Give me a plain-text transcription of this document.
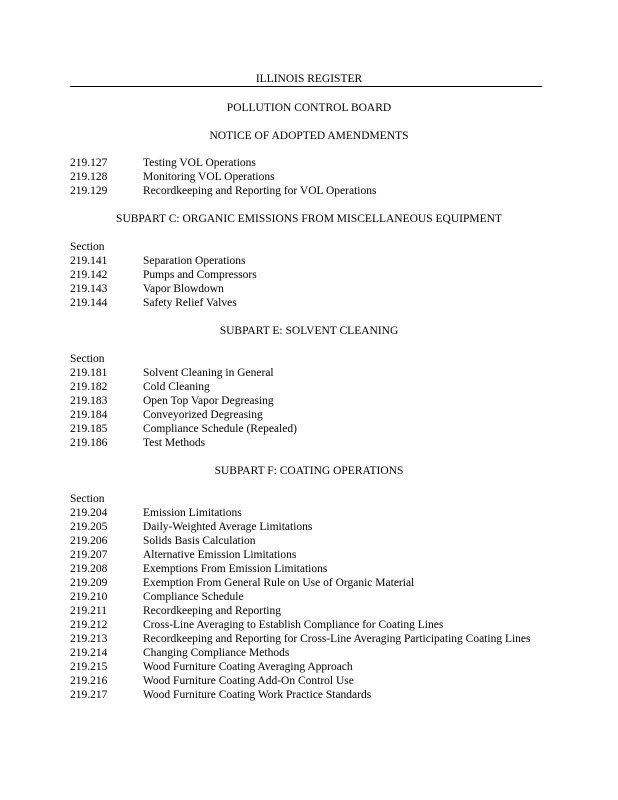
ILLINOIS REGISTER
POLLUTION CONTROL BOARD
NOTICE OF ADOPTED AMENDMENTS
219.127	Testing VOL Operations
219.128	Monitoring VOL Operations
219.129	Recordkeeping and Reporting for VOL Operations
SUBPART C: ORGANIC EMISSIONS FROM MISCELLANEOUS EQUIPMENT
Section
219.141	Separation Operations
219.142	Pumps and Compressors
219.143	Vapor Blowdown
219.144	Safety Relief Valves
SUBPART E: SOLVENT CLEANING
Section
219.181	Solvent Cleaning in General
219.182	Cold Cleaning
219.183	Open Top Vapor Degreasing
219.184	Conveyorized Degreasing
219.185	Compliance Schedule (Repealed)
219.186	Test Methods
SUBPART F: COATING OPERATIONS
Section
219.204	Emission Limitations
219.205	Daily-Weighted Average Limitations
219.206	Solids Basis Calculation
219.207	Alternative Emission Limitations
219.208	Exemptions From Emission Limitations
219.209	Exemption From General Rule on Use of Organic Material
219.210	Compliance Schedule
219.211	Recordkeeping and Reporting
219.212	Cross-Line Averaging to Establish Compliance for Coating Lines
219.213	Recordkeeping and Reporting for Cross-Line Averaging Participating Coating Lines
219.214	Changing Compliance Methods
219.215	Wood Furniture Coating Averaging Approach
219.216	Wood Furniture Coating Add-On Control Use
219.217	Wood Furniture Coating Work Practice Standards
